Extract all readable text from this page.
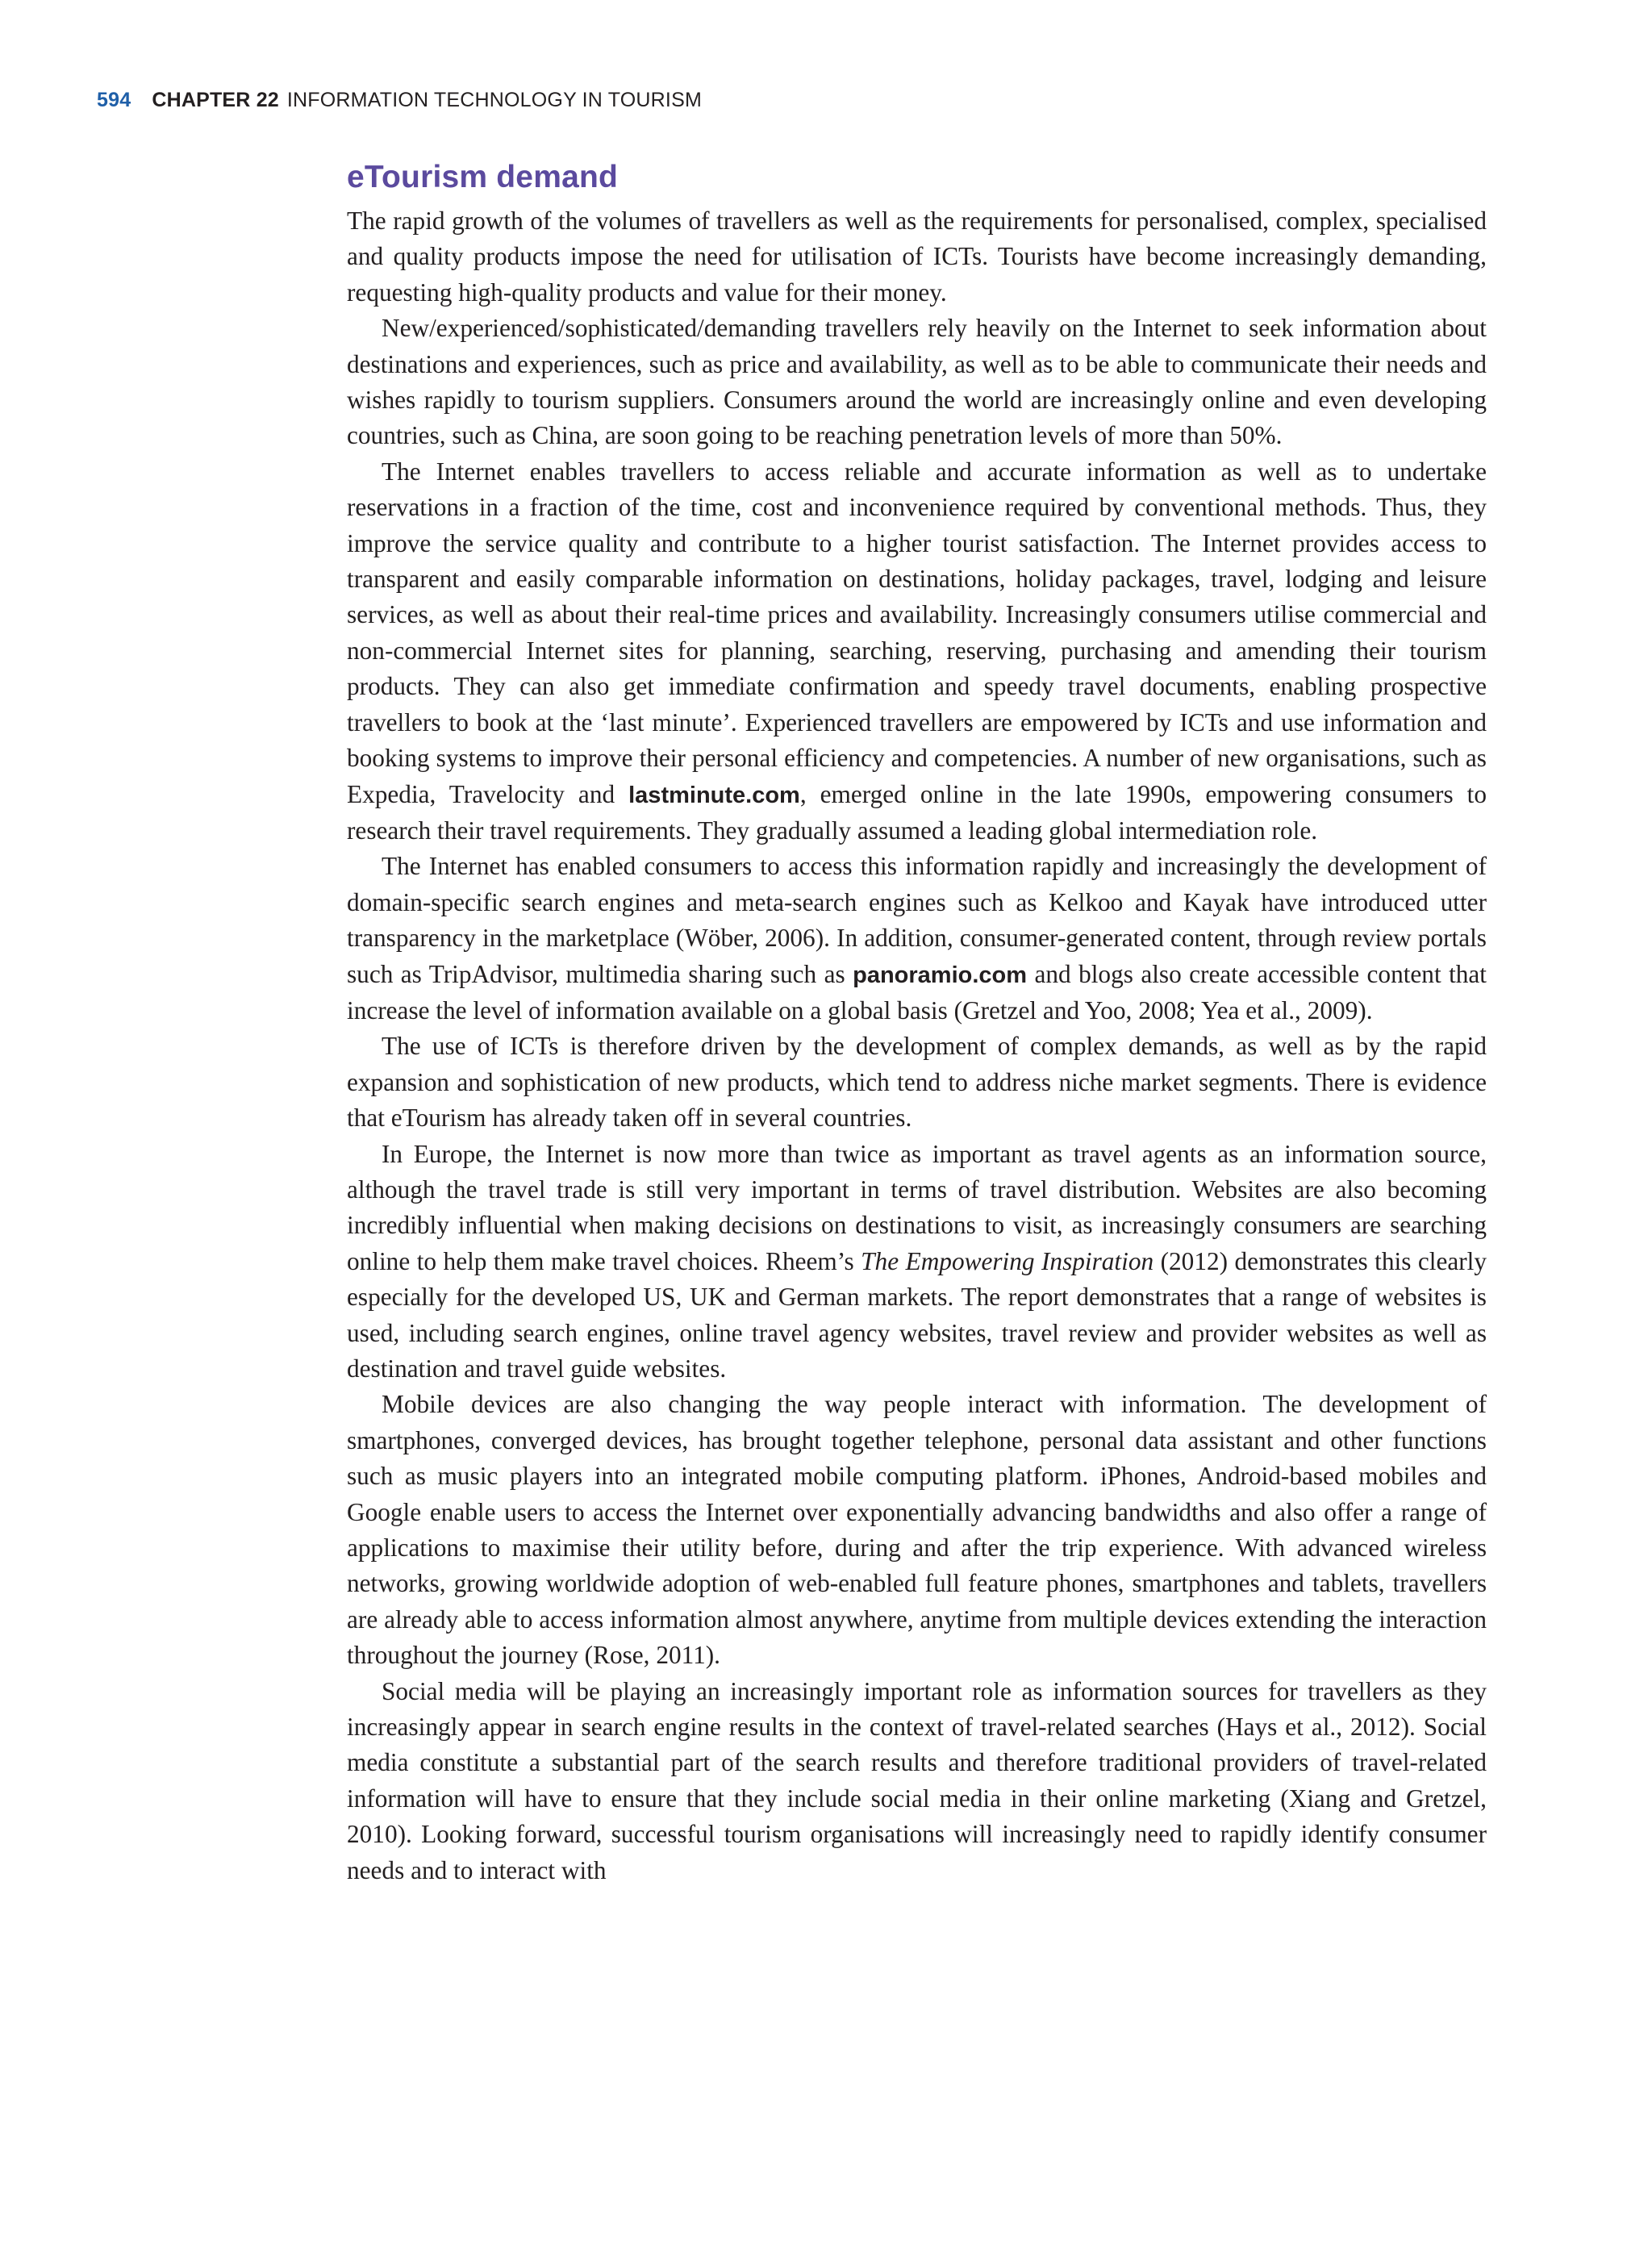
594 CHAPTER 22 INFORMATION TECHNOLOGY IN TOURISM
eTourism demand

The rapid growth of the volumes of travellers as well as the requirements for personalised, complex, specialised and quality products impose the need for utilisation of ICTs. Tourists have become increasingly demanding, requesting high-quality products and value for their money.

New/experienced/sophisticated/demanding travellers rely heavily on the Internet to seek information about destinations and experiences, such as price and availability, as well as to be able to communicate their needs and wishes rapidly to tourism suppliers. Consumers around the world are increasingly online and even developing countries, such as China, are soon going to be reaching penetration levels of more than 50%.

The Internet enables travellers to access reliable and accurate information as well as to undertake reservations in a fraction of the time, cost and inconvenience required by conventional methods. Thus, they improve the service quality and contribute to a higher tourist satisfaction. The Internet provides access to transparent and easily comparable information on destinations, holiday packages, travel, lodging and leisure services, as well as about their real-time prices and availability. Increasingly consumers utilise commercial and non-commercial Internet sites for planning, searching, reserving, purchasing and amending their tourism products. They can also get immediate confirmation and speedy travel documents, enabling prospective travellers to book at the ‘last minute’. Experienced travellers are empowered by ICTs and use information and booking systems to improve their personal efficiency and competencies. A number of new organisations, such as Expedia, Travelocity and lastminute.com, emerged online in the late 1990s, empowering consumers to research their travel requirements. They gradually assumed a leading global intermediation role.

The Internet has enabled consumers to access this information rapidly and increasingly the development of domain-specific search engines and meta-search engines such as Kelkoo and Kayak have introduced utter transparency in the marketplace (Wöber, 2006). In addition, consumer-generated content, through review portals such as TripAdvisor, multimedia sharing such as panoramio.com and blogs also create accessible content that increase the level of information available on a global basis (Gretzel and Yoo, 2008; Yea et al., 2009).

The use of ICTs is therefore driven by the development of complex demands, as well as by the rapid expansion and sophistication of new products, which tend to address niche market segments. There is evidence that eTourism has already taken off in several countries.

In Europe, the Internet is now more than twice as important as travel agents as an information source, although the travel trade is still very important in terms of travel distribution. Websites are also becoming incredibly influential when making decisions on destinations to visit, as increasingly consumers are searching online to help them make travel choices. Rheem’s The Empowering Inspiration (2012) demonstrates this clearly especially for the developed US, UK and German markets. The report demonstrates that a range of websites is used, including search engines, online travel agency websites, travel review and provider websites as well as destination and travel guide websites.

Mobile devices are also changing the way people interact with information. The development of smartphones, converged devices, has brought together telephone, personal data assistant and other functions such as music players into an integrated mobile computing platform. iPhones, Android-based mobiles and Google enable users to access the Internet over exponentially advancing bandwidths and also offer a range of applications to maximise their utility before, during and after the trip experience. With advanced wireless networks, growing worldwide adoption of web-enabled full feature phones, smartphones and tablets, travellers are already able to access information almost anywhere, anytime from multiple devices extending the interaction throughout the journey (Rose, 2011).

Social media will be playing an increasingly important role as information sources for travellers as they increasingly appear in search engine results in the context of travel-related searches (Hays et al., 2012). Social media constitute a substantial part of the search results and therefore traditional providers of travel-related information will have to ensure that they include social media in their online marketing (Xiang and Gretzel, 2010). Looking forward, successful tourism organisations will increasingly need to rapidly identify consumer needs and to interact with
